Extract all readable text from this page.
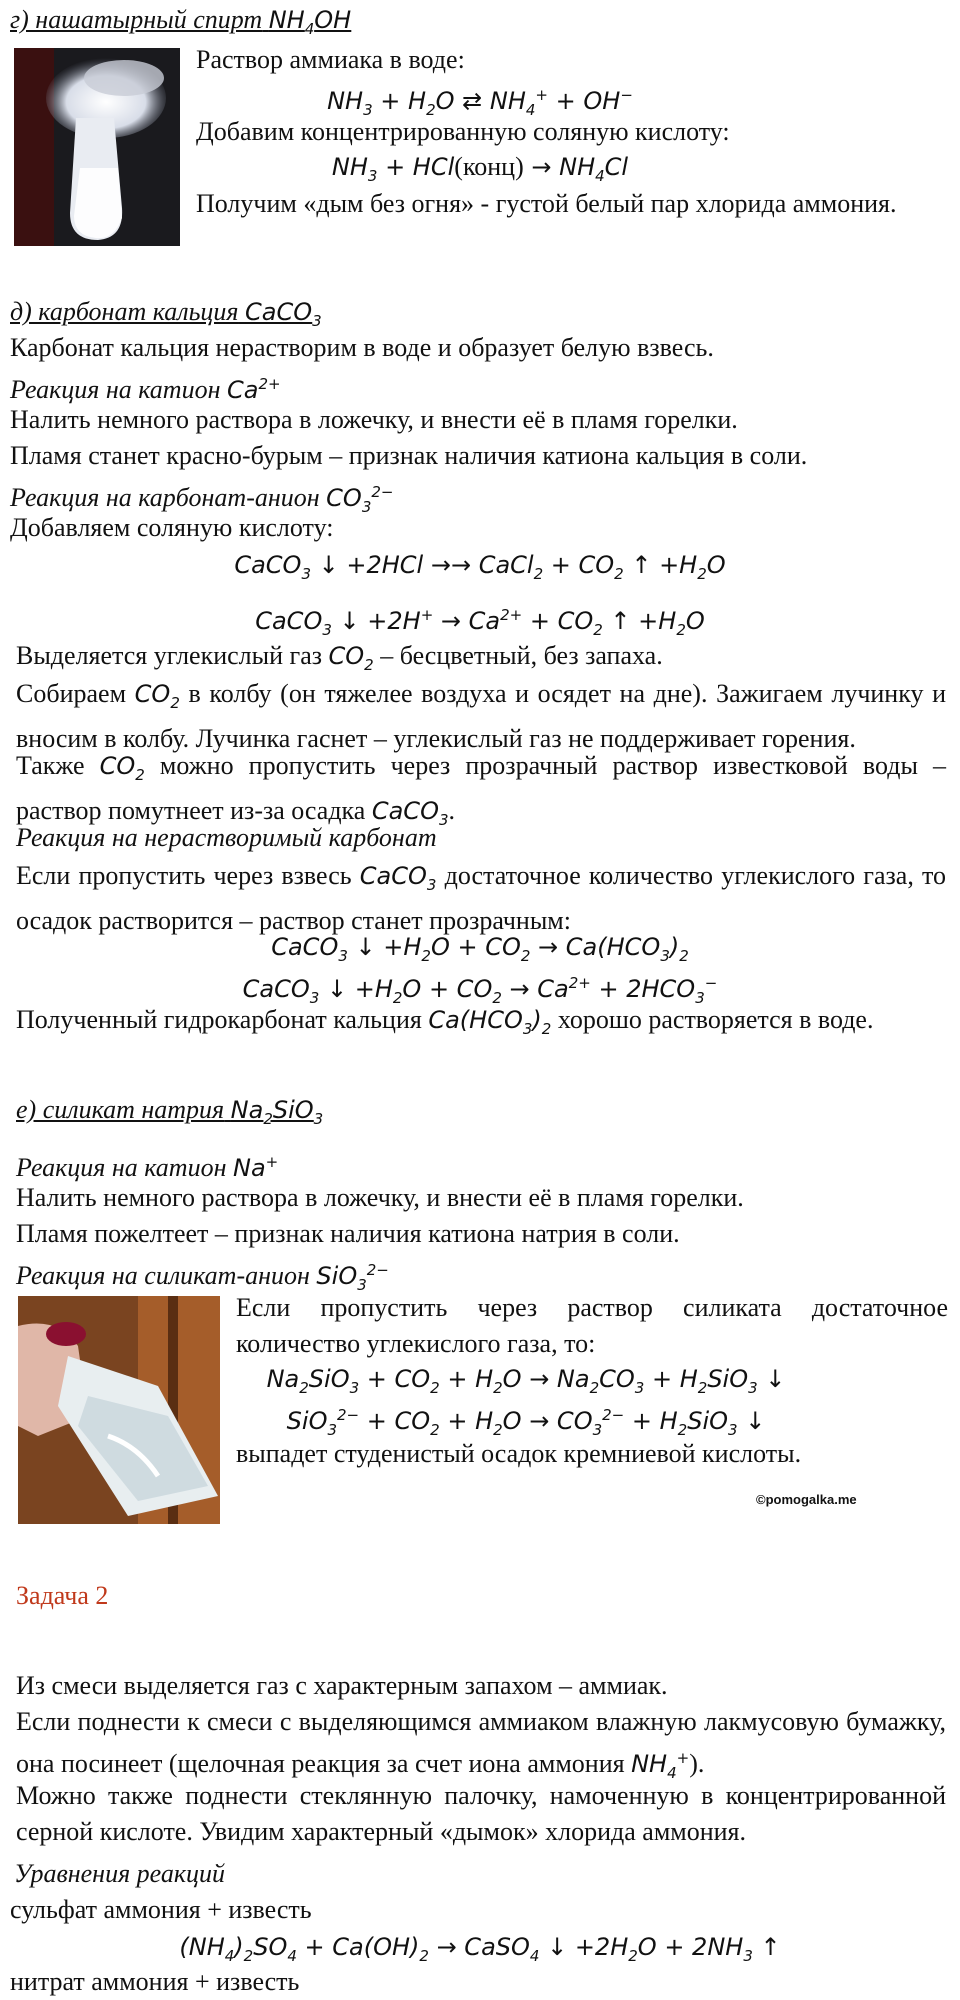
г) нашатырный спирт $NH_4OH$
Раствор аммиака в воде:
$NH_3 + H_2O$ ⇄ $NH_4^+ + OH^-$
Добавим концентрированную соляную кислоту:
$NH_3$ + HCl(конц) → $NH_4Cl$
Получим «дым без огня» - густой белый пар хлорида аммония.
д) карбонат кальция CaCO$_3$
Карбонат кальция нерастворим в воде и образует белую взвесь.
Реакция на катион $Ca^{2+}$
Налить немного раствора в ложечку, и внести её в пламя горелки.
Пламя станет красно-бурым – признак наличия катиона кальция в соли.
Реакция на карбонат-анион $CO_3^{2-}$
Добавляем соляную кислоту:
CaCO$_3$ ↓ +2HCl →→ CaCl$_2$ + $CO_2$ ↑ $+H_2O$
CaCO$_3$ ↓ $+2H^+ \to Ca^{2+} + CO_2$ ↑ $+H_2O$
Выделяется углекислый газ $CO_2$ – бесцветный, без запаха.
Собираем $CO_2$ в колбу (он тяжелее воздуха и осядет на дне). Зажигаем лучинку и вносим в колбу. Лучинка гаснет – углекислый газ не поддерживает горения.
Также $CO_2$ можно пропустить через прозрачный раствор известковой воды – раствор помутнеет из-за осадка CaCO$_3$.
Реакция на нерастворимый карбонат
Если пропустить через взвесь CaCO$_3$ достаточное количество углекислого газа, то осадок растворится – раствор станет прозрачным:
CaCO$_3$ ↓ $+H_2O + CO_2 \to Ca(HCO_3)_2$
CaCO$_3$ ↓ $+H_2O + CO_2 \to Ca^{2+} + 2HCO_3^-$
Полученный гидрокарбонат кальция $Ca(HCO_3)_2$ хорошо растворяется в воде.
е) силикат натрия $Na_2SiO_3$
Реакция на катион Na+
Налить немного раствора в ложечку, и внести её в пламя горелки.
Пламя пожелтеет – признак наличия катиона натрия в соли.
Реакция на силикат-анион SiO$_3^{2-}$
Если пропустить через раствор силиката достаточное количество углекислого газа, то:
$Na_2SiO_3 + CO_2 + H_2O \to Na_2CO_3 + H_2SiO_3$ ↓
$SiO_3^{2-} + CO_2 + H_2O \to CO_3^{2-} + H_2SiO_3$ ↓
выпадет студенистый осадок кремниевой кислоты.
©pomogalka.me
Задача 2
Из смеси выделяется газ с характерным запахом – аммиак.
Если поднести к смеси с выделяющимся аммиаком влажную лакмусовую бумажку, она посинеет (щелочная реакция за счет иона аммония $NH_4^+$).
Можно также поднести стеклянную палочку, намоченную в концентрированной серной кислоте. Увидим характерный «дымок» хлорида аммония.
Уравнения реакций
сульфат аммония + известь
$(NH_4)_2SO_4 + Ca(OH)_2$ → CaSO$_4$ ↓ $+2H_2O + 2NH_3$ ↑
нитрат аммония + известь
